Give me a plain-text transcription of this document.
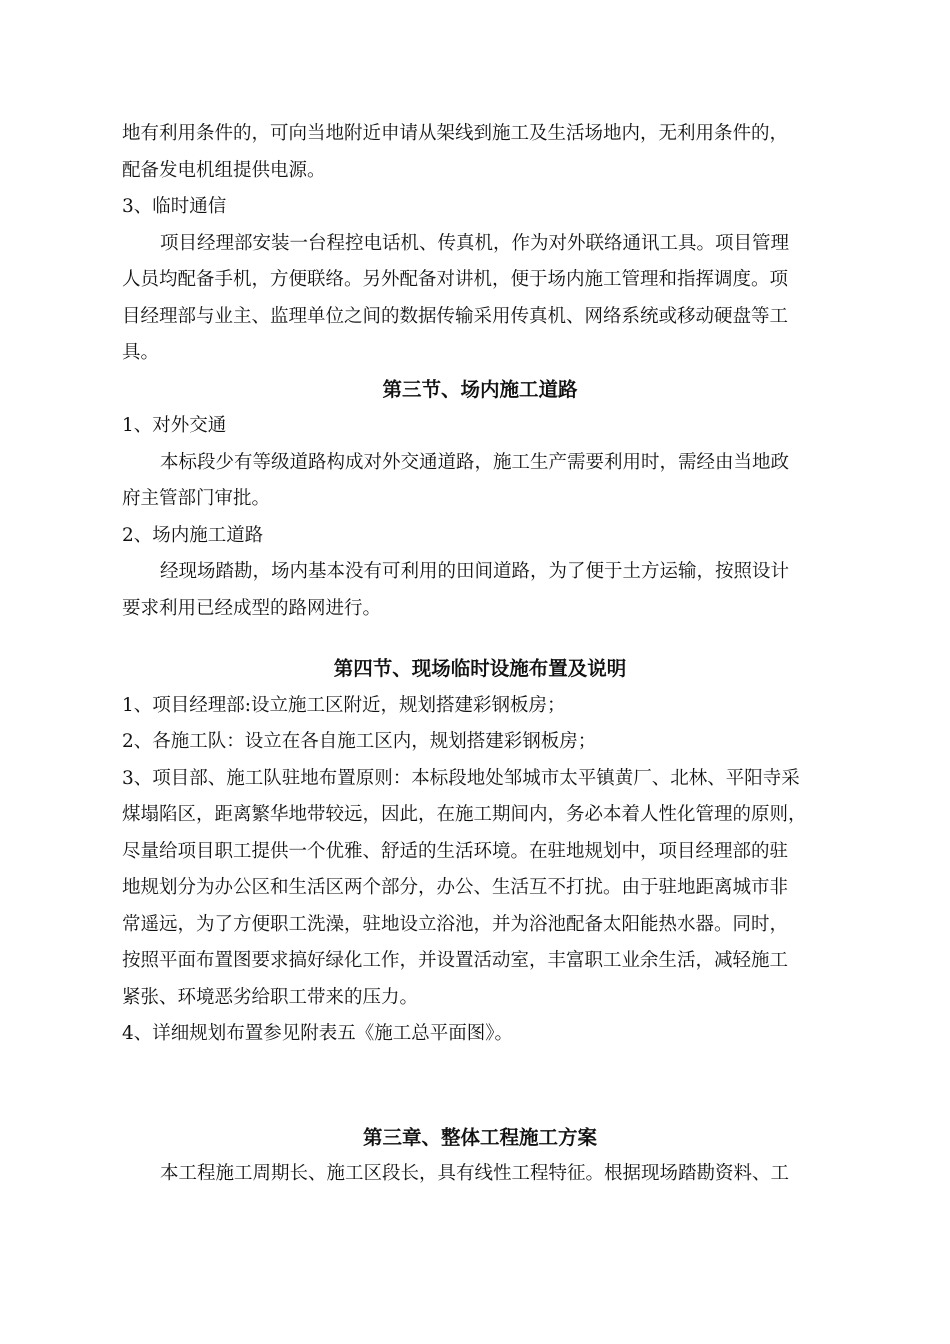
地有利用条件的，可向当地附近申请从架线到施工及生活场地内，无利用条件的，
配备发电机组提供电源。

3、临时通信

项目经理部安装一台程控电话机、传真机，作为对外联络通讯工具。项目管理
人员均配备手机，方便联络。另外配备对讲机，便于场内施工管理和指挥调度。项
目经理部与业主、监理单位之间的数据传输采用传真机、网络系统或移动硬盘等工
具。

第三节、场内施工道路

1、对外交通

本标段少有等级道路构成对外交通道路，施工生产需要利用时，需经由当地政
府主管部门审批。

2、场内施工道路

经现场踏勘，场内基本没有可利用的田间道路，为了便于土方运输，按照设计
要求利用已经成型的路网进行。

第四节、现场临时设施布置及说明

1、项目经理部:设立施工区附近，规划搭建彩钢板房；
2、各施工队：设立在各自施工区内，规划搭建彩钢板房；

3、项目部、施工队驻地布置原则：本标段地处邹城市太平镇黄厂、北林、平阳寺采
煤塌陷区，距离繁华地带较远，因此，在施工期间内，务必本着人性化管理的原则，
尽量给项目职工提供一个优雅、舒适的生活环境。在驻地规划中，项目经理部的驻
地规划分为办公区和生活区两个部分，办公、生活互不打扰。由于驻地距离城市非
常遥远，为了方便职工洗澡，驻地设立浴池，并为浴池配备太阳能热水器。同时，
按照平面布置图要求搞好绿化工作，并设置活动室，丰富职工业余生活，减轻施工
紧张、环境恶劣给职工带来的压力。

4、详细规划布置参见附表五《施工总平面图》。

第三章、整体工程施工方案

本工程施工周期长、施工区段长，具有线性工程特征。根据现场踏勘资料、工
